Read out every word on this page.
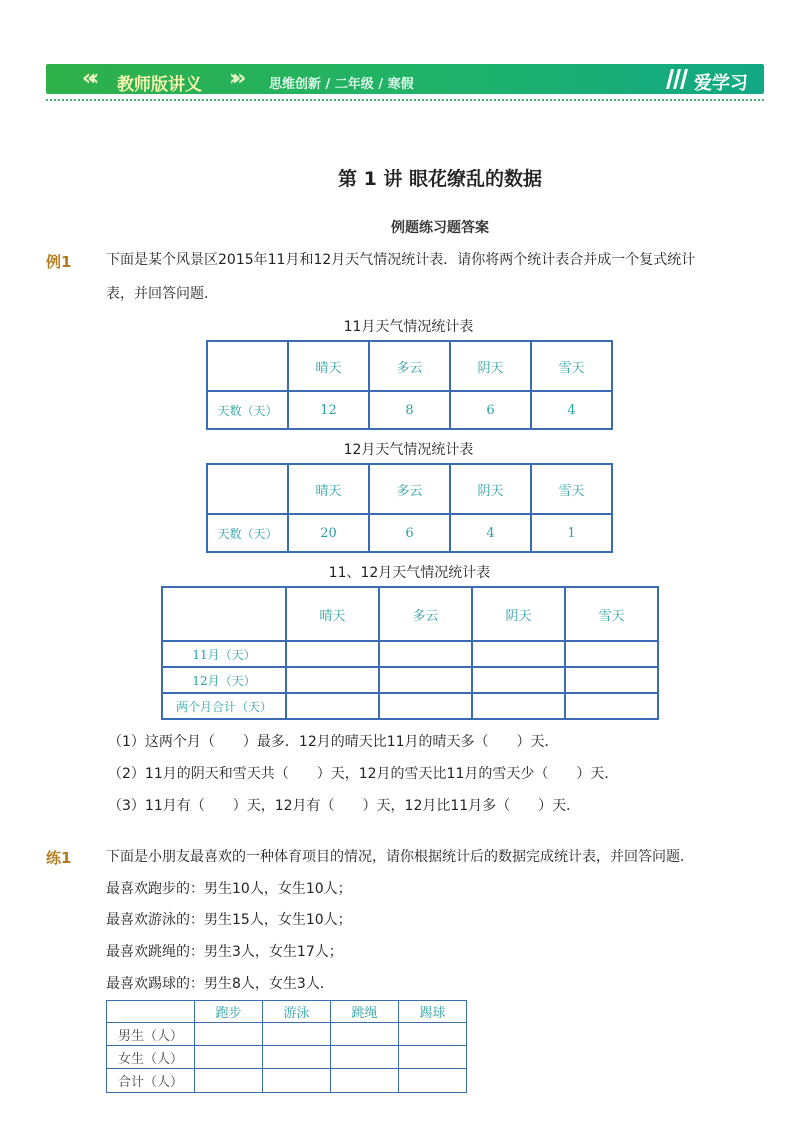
«‹ 教师版讲义 ›» 思维创新 / 二年级 / 寒假	爱学习
第 1 讲 眼花缭乱的数据
例题练习题答案
例1 下面是某个风景区2015年11月和12月天气情况统计表．请你将两个统计表合并成一个复式统计
表，并回答问题．
11月天气情况统计表
	晴天	多云	阴天	雪天
天数（天）	12	8	6	4
12月天气情况统计表
	晴天	多云	阴天	雪天
天数（天）	20	6	4	1
11、12月天气情况统计表
	晴天	多云	阴天	雪天
11月（天）				
12月（天）				
两个月合计（天）				
（1）这两个月（　　）最多．12月的晴天比11月的晴天多（　　）天．
（2）11月的阴天和雪天共（　　）天，12月的雪天比11月的雪天少（　　）天．
（3）11月有（　　）天，12月有（　　）天，12月比11月多（　　）天．
练1 下面是小朋友最喜欢的一种体育项目的情况，请你根据统计后的数据完成统计表，并回答问题．
最喜欢跑步的：男生10人，女生10人；
最喜欢游泳的：男生15人，女生10人；
最喜欢跳绳的：男生3人，女生17人；
最喜欢踢球的：男生8人，女生3人．
	跑步	游泳	跳绳	踢球
男生（人）				
女生（人）				
合计（人）				
